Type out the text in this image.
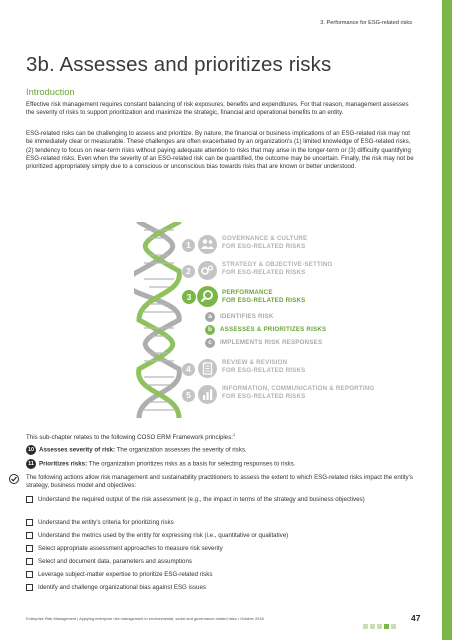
3. Performance for ESG-related risks
3b. Assesses and prioritizes risks
Introduction

Effective risk management requires constant balancing of risk exposures, benefits and expenditures. For that reason, management assesses the severity of risks to support prioritization and maximize the strategic, financial and operational benefits to an entity.

ESG-related risks can be challenging to assess and prioritize. By nature, the financial or business implications of an ESG-related risk may not be immediately clear or measurable. These challenges are often exacerbated by an organization's (1) limited knowledge of ESG-related risks, (2) tendency to focus on near-term risks without paying adequate attention to risks that may arise in the longer-term or (3) difficulty quantifying ESG-related risks. Even when the severity of an ESG-related risk can be quantified, the outcome may be uncertain. Finally, the risk may not be prioritized appropriately simply due to a conscious or unconscious bias towards risks that are known or better understood.

1
GOVERNANCE & CULTURE
FOR ESG-RELATED RISKS
2
STRATEGY & OBJECTIVE-SETTING
FOR ESG-RELATED RISKS
3	PERFORMANCE
FOR ESG-RELATED RISKS
a	IDENTIFIES RISK
b	ASSESSES & PRIORITIZES RISKS
c	IMPLEMENTS RISK RESPONSES
4
REVIEW & REVISION
FOR ESG-RELATED RISKS
5
INFORMATION, COMMUNICATION & REPORTING
FOR ESG-RELATED RISKS
This sub-chapter relates to the following COSO ERM Framework principles:$^1$
10 Assesses severity of risk: The organization assesses the severity of risks.
11 Prioritizes risks: The organization prioritizes risks as a basis for selecting responses to risks.

The following actions allow risk management and sustainability practitioners to assess the extent to which ESG-related risks impact the entity's strategy, business model and objectives:

Understand the required output of the risk assessment (e.g., the impact in terms of the strategy and business objectives)
Understand the entity's criteria for prioritizing risks
Understand the metrics used by the entity for expressing risk (i.e., quantitative or qualitative)
Select appropriate assessment approaches to measure risk severity
Select and document data, parameters and assumptions
Leverage subject-matter expertise to prioritize ESG-related risks
Identify and challenge organizational bias against ESG issues
Enterprise Risk Management | Applying enterprise risk management to environmental, social and governance-related risks • October 2018	47
